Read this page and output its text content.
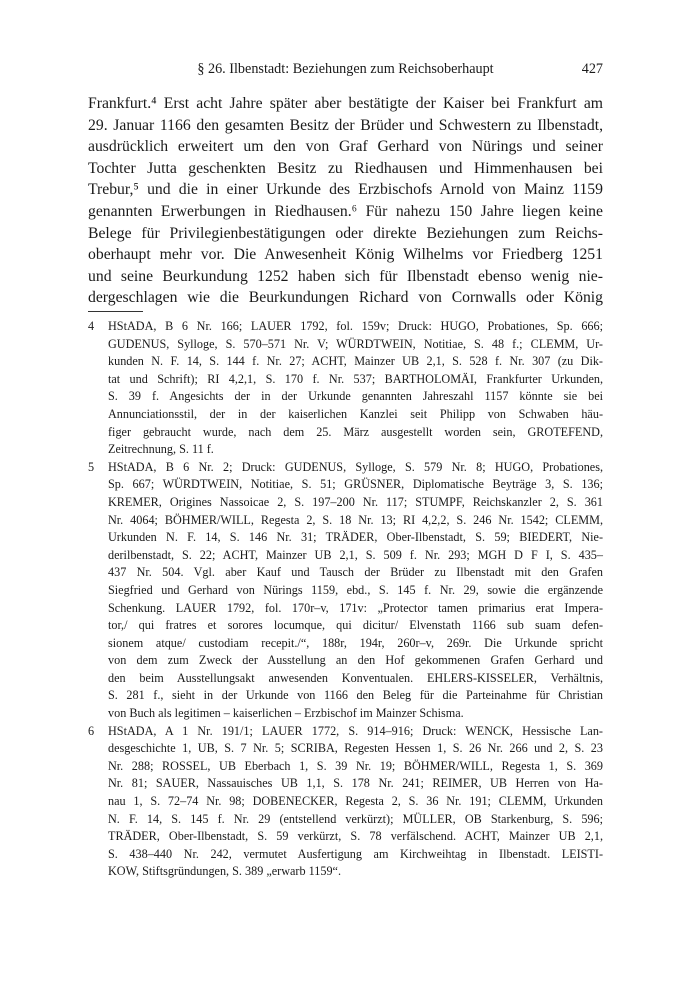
§ 26. Ilbenstadt: Beziehungen zum Reichsoberhaupt	427
Frankfurt.⁴ Erst acht Jahre später aber bestätigte der Kaiser bei Frankfurt am
29. Januar 1166 den gesamten Besitz der Brüder und Schwestern zu Ilbenstadt,
ausdrücklich erweitert um den von Graf Gerhard von Nürings und seiner
Tochter Jutta geschenkten Besitz zu Riedhausen und Himmenhausen bei
Trebur,⁵ und die in einer Urkunde des Erzbischofs Arnold von Mainz 1159
genannten Erwerbungen in Riedhausen.⁶ Für nahezu 150 Jahre liegen keine
Belege für Privilegienbestätigungen oder direkte Beziehungen zum Reichs-
oberhaupt mehr vor. Die Anwesenheit König Wilhelms vor Friedberg 1251
und seine Beurkundung 1252 haben sich für Ilbenstadt ebenso wenig nie-
dergeschlagen wie die Beurkundungen Richard von Cornwalls oder König
4 HStADA, B 6 Nr. 166; LAUER 1792, fol. 159v; Druck: HUGO, Probationes, Sp. 666;
GUDENUS, Sylloge, S. 570–571 Nr. V; WÜRDTWEIN, Notitiae, S. 48 f.; CLEMM, Ur-
kunden N. F. 14, S. 144 f. Nr. 27; ACHT, Mainzer UB 2,1, S. 528 f. Nr. 307 (zu Dik-
tat und Schrift); RI 4,2,1, S. 170 f. Nr. 537; BARTHOLOMÄI, Frankfurter Urkunden,
S. 39 f. Angesichts der in der Urkunde genannten Jahreszahl 1157 könnte sie bei
Annunciationsstil, der in der kaiserlichen Kanzlei seit Philipp von Schwaben häu-
figer gebraucht wurde, nach dem 25. März ausgestellt worden sein, GROTEFEND,
Zeitrechnung, S. 11 f.
5 HStADA, B 6 Nr. 2; Druck: GUDENUS, Sylloge, S. 579 Nr. 8; HUGO, Probationes,
Sp. 667; WÜRDTWEIN, Notitiae, S. 51; GRÜSNER, Diplomatische Beyträge 3, S. 136;
KREMER, Origines Nassoicae 2, S. 197–200 Nr. 117; STUMPF, Reichskanzler 2, S. 361
Nr. 4064; BÖHMER/WILL, Regesta 2, S. 18 Nr. 13; RI 4,2,2, S. 246 Nr. 1542; CLEMM,
Urkunden N. F. 14, S. 146 Nr. 31; TRÄDER, Ober-Ilbenstadt, S. 59; BIEDERT, Nie-
derilbenstadt, S. 22; ACHT, Mainzer UB 2,1, S. 509 f. Nr. 293; MGH D F I, S. 435–
437 Nr. 504. Vgl. aber Kauf und Tausch der Brüder zu Ilbenstadt mit den Grafen
Siegfried und Gerhard von Nürings 1159, ebd., S. 145 f. Nr. 29, sowie die ergänzende
Schenkung. LAUER 1792, fol. 170r–v, 171v: „Protector tamen primarius erat Impera-
tor,/ qui fratres et sorores locumque, qui dicitur/ Elvenstath 1166 sub suam defen-
sionem atque/ custodiam recepit./“, 188r, 194r, 260r–v, 269r. Die Urkunde spricht
von dem zum Zweck der Ausstellung an den Hof gekommenen Grafen Gerhard und
den beim Ausstellungsakt anwesenden Konventualen. EHLERS-KISSELER, Verhältnis,
S. 281 f., sieht in der Urkunde von 1166 den Beleg für die Parteinahme für Christian
von Buch als legitimen – kaiserlichen – Erzbischof im Mainzer Schisma.
6 HStADA, A 1 Nr. 191/1; LAUER 1772, S. 914–916; Druck: WENCK, Hessische Lan-
desgeschichte 1, UB, S. 7 Nr. 5; SCRIBA, Regesten Hessen 1, S. 26 Nr. 266 und 2, S. 23
Nr. 288; ROSSEL, UB Eberbach 1, S. 39 Nr. 19; BÖHMER/WILL, Regesta 1, S. 369
Nr. 81; SAUER, Nassauisches UB 1,1, S. 178 Nr. 241; REIMER, UB Herren von Ha-
nau 1, S. 72–74 Nr. 98; DOBENECKER, Regesta 2, S. 36 Nr. 191; CLEMM, Urkunden
N. F. 14, S. 145 f. Nr. 29 (entstellend verkürzt); MÜLLER, OB Starkenburg, S. 596;
TRÄDER, Ober-Ilbenstadt, S. 59 verkürzt, S. 78 verfälschend. ACHT, Mainzer UB 2,1,
S. 438–440 Nr. 242, vermutet Ausfertigung am Kirchweihtag in Ilbenstadt. LEISTI-
KOW, Stiftsgründungen, S. 389 „erwarb 1159“.
